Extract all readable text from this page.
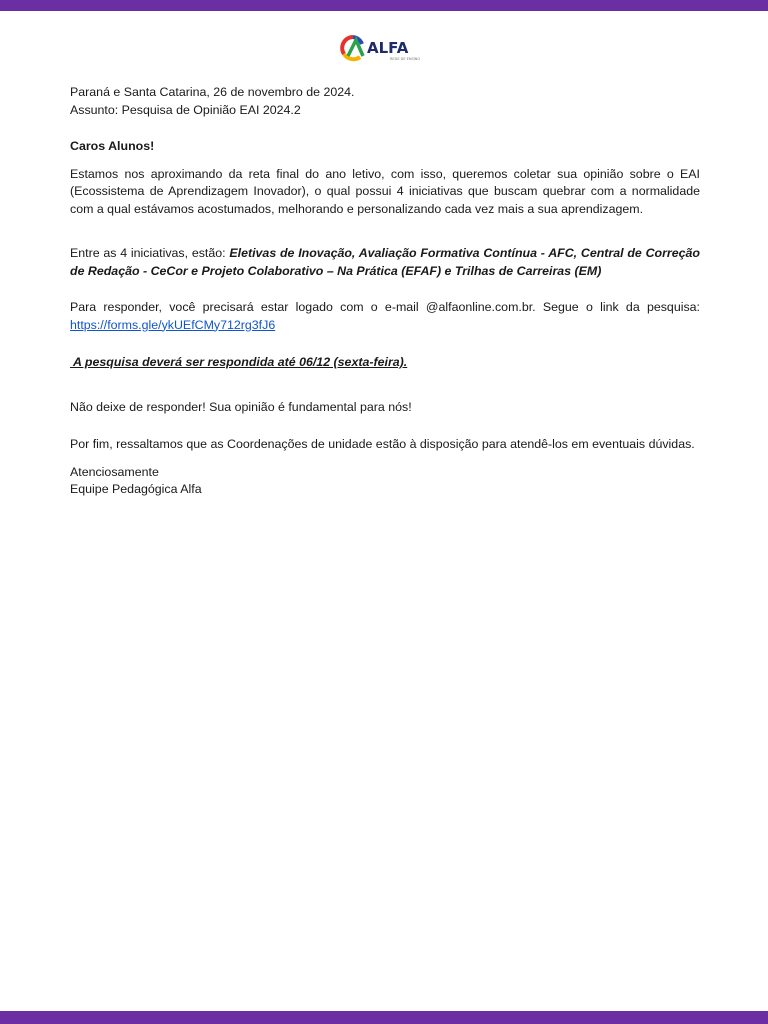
ALFA
REDE DE ENSINO

Paraná e Santa Catarina, 26 de novembro de 2024.

Assunto: Pesquisa de Opinião EAI 2024.2

Caros Alunos!

Estamos nos aproximando da reta final do ano letivo, com isso, queremos coletar sua opinião sobre o EAI (Ecossistema de Aprendizagem Inovador), o qual possui 4 iniciativas que buscam quebrar com a normalidade com a qual estávamos acostumados, melhorando e personalizando cada vez mais a sua aprendizagem.

Entre as 4 iniciativas, estão: Eletivas de Inovação, Avaliação Formativa Contínua - AFC, Central de Correção de Redação - CeCor e Projeto Colaborativo – Na Prática (EFAF) e Trilhas de Carreiras (EM)

Para responder, você precisará estar logado com o e-mail @alfaonline.com.br. Segue o link da pesquisa: https://forms.gle/ykUEfCMy712rg3fJ6

A pesquisa deverá ser respondida até 06/12 (sexta-feira).

Não deixe de responder! Sua opinião é fundamental para nós!

Por fim, ressaltamos que as Coordenações de unidade estão à disposição para atendê-los em eventuais dúvidas.

Atenciosamente

Equipe Pedagógica Alfa
